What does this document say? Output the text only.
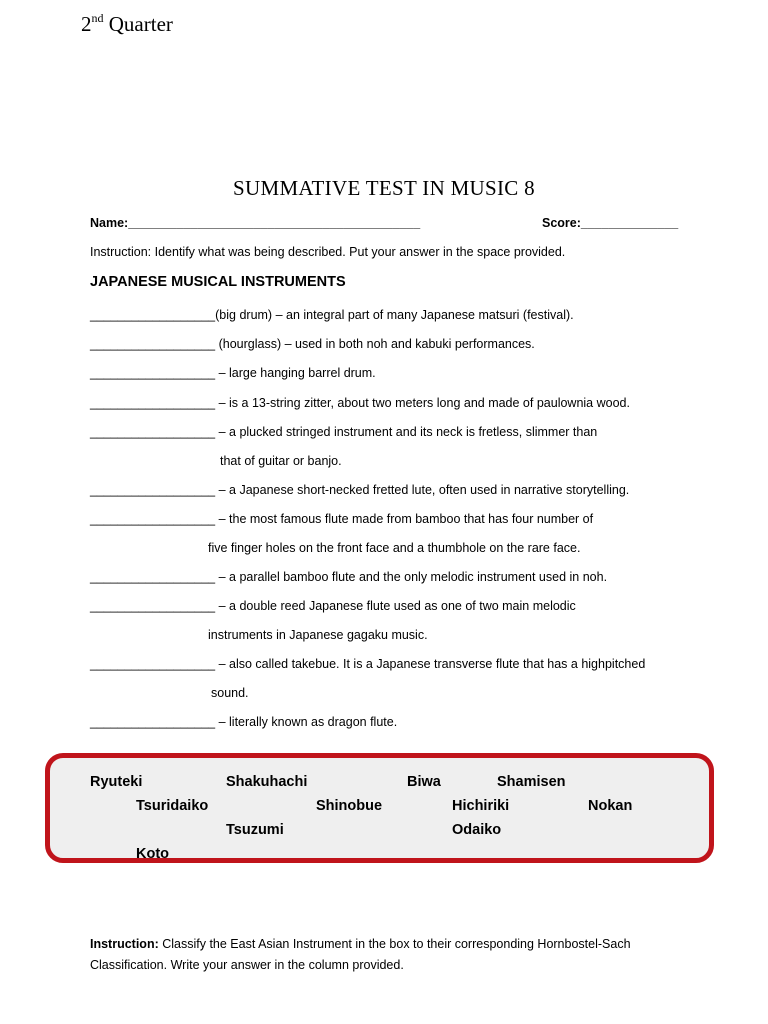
2nd Quarter
SUMMATIVE TEST IN MUSIC 8
Name:__________________________________________	Score:______________
Instruction: Identify what was being described. Put your answer in the space provided.
JAPANESE MUSICAL INSTRUMENTS
__________________(big drum) – an integral part of many Japanese matsuri (festival).
__________________ (hourglass) – used in both noh and kabuki performances.
__________________ – large hanging barrel drum.
__________________ – is a 13-string zitter, about two meters long and made of paulownia wood.
__________________ – a plucked stringed instrument and its neck is fretless, slimmer than
that of guitar or banjo.
__________________ – a Japanese short-necked fretted lute, often used in narrative storytelling.
__________________ – the most famous flute made from bamboo that has four number of
five finger holes on the front face and a thumbhole on the rare face.
__________________ – a parallel bamboo flute and the only melodic instrument used in noh.
__________________ – a double reed Japanese flute used as one of two main melodic
instruments in Japanese gagaku music.
__________________ – also called takebue. It is a Japanese transverse flute that has a highpitched
sound.
__________________ – literally known as dragon flute.
Ryuteki	Shakuhachi	Biwa	Shamisen
Tsuridaiko	Shinobue	Hichiriki	Nokan
Tsuzumi	Odaiko
Koto
Instruction: Classify the East Asian Instrument in the box to their corresponding Hornbostel-Sach
Classification. Write your answer in the column provided.
